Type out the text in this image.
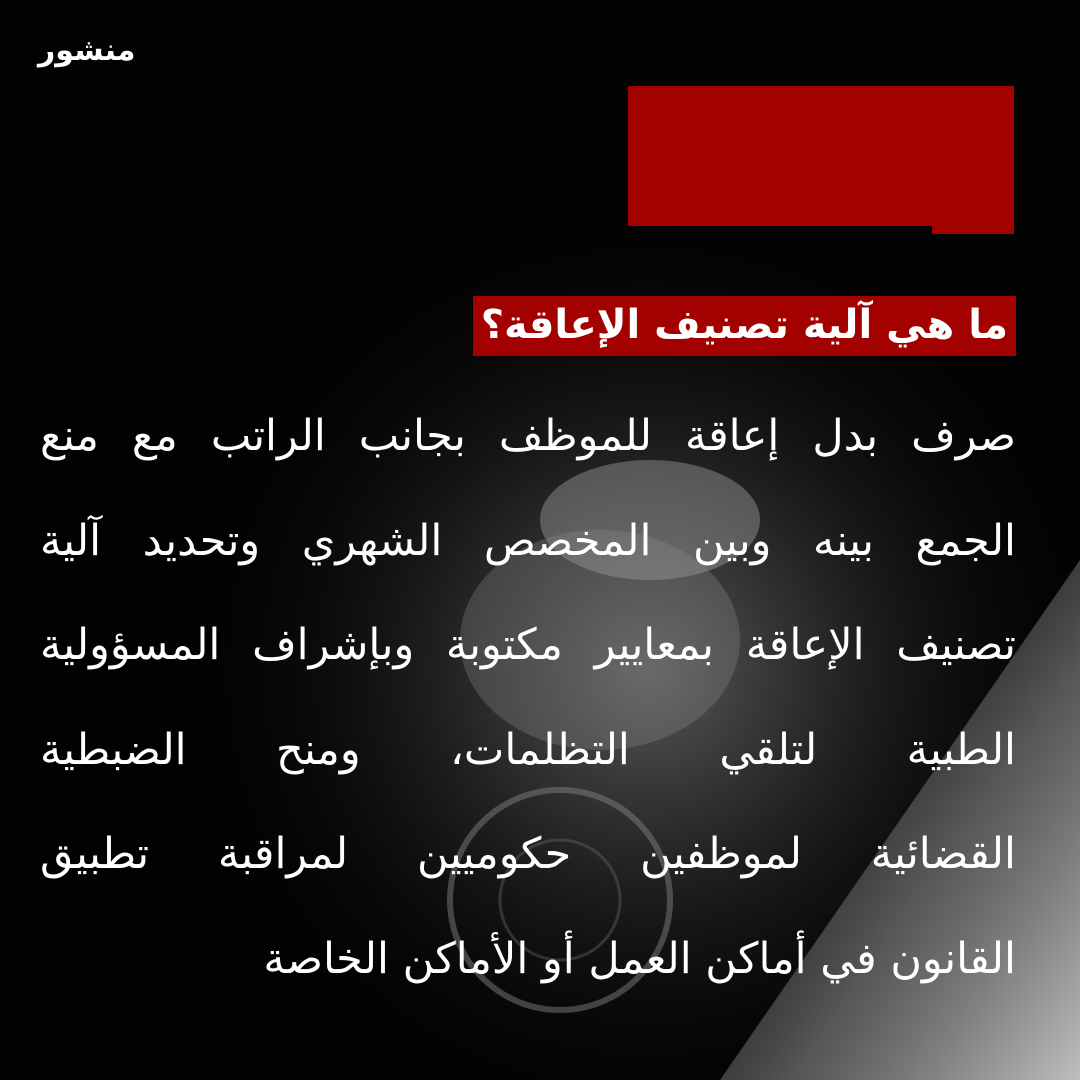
منشور
ما هي آلية تصنيف الإعاقة؟
صرف بدل إعاقة للموظف بجانب الراتب مع منع
الجمع بينه وبين المخصص الشهري وتحديد آلية
تصنيف الإعاقة بمعايير مكتوبة وبإشراف المسؤولية
الطبية لتلقي التظلمات، ومنح الضبطية
القضائية لموظفين حكوميين لمراقبة تطبيق
القانون في أماكن العمل أو الأماكن الخاصة
